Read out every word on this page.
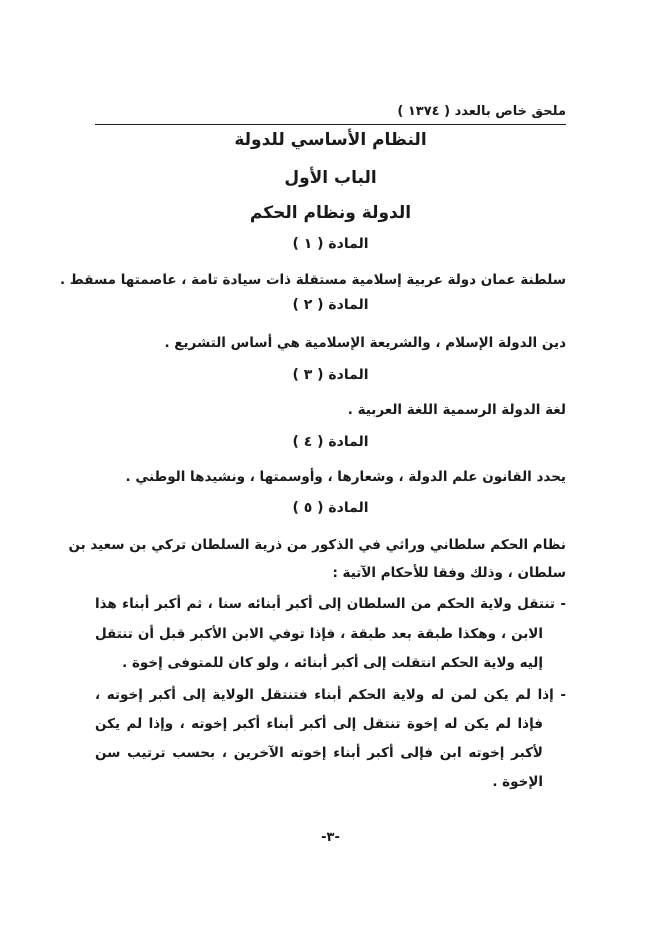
ملحق خاص بالعدد ( ١٣٧٤ )
النظام الأساسي للدولة
الباب الأول
الدولة ونظام الحكم
المادة ( ١ )
سلطنة عمان دولة عربية إسلامية مستقلة ذات سيادة تامة ، عاصمتها مسقط .
المادة ( ٢ )
دين الدولة الإسلام ، والشريعة الإسلامية هي أساس التشريع .
المادة ( ٣ )
لغة الدولة الرسمية اللغة العربية .
المادة ( ٤ )
يحدد القانون علم الدولة ، وشعارها ، وأوسمتها ، ونشيدها الوطني .
المادة ( ٥ )
نظام الحكم سلطاني وراثي في الذكور من ذرية السلطان تركي بن سعيد بن
سلطان ، وذلك وفقا للأحكام الآتية :
- تنتقل ولاية الحكم من السلطان إلى أكبر أبنائه سنا ، ثم أكبر أبناء هذا
الابن ، وهكذا طبقة بعد طبقة ، فإذا توفي الابن الأكبر قبل أن تنتقل
إليه ولاية الحكم انتقلت إلى أكبر أبنائه ، ولو كان للمتوفى إخوة .
- إذا لم يكن لمن له ولاية الحكم أبناء فتنتقل الولاية إلى أكبر إخوته ،
فإذا لم يكن له إخوة تنتقل إلى أكبر أبناء أكبر إخوته ، وإذا لم يكن
لأكبر إخوته ابن فإلى أكبر أبناء إخوته الآخرين ، بحسب ترتيب سن
الإخوة .
-٣-
